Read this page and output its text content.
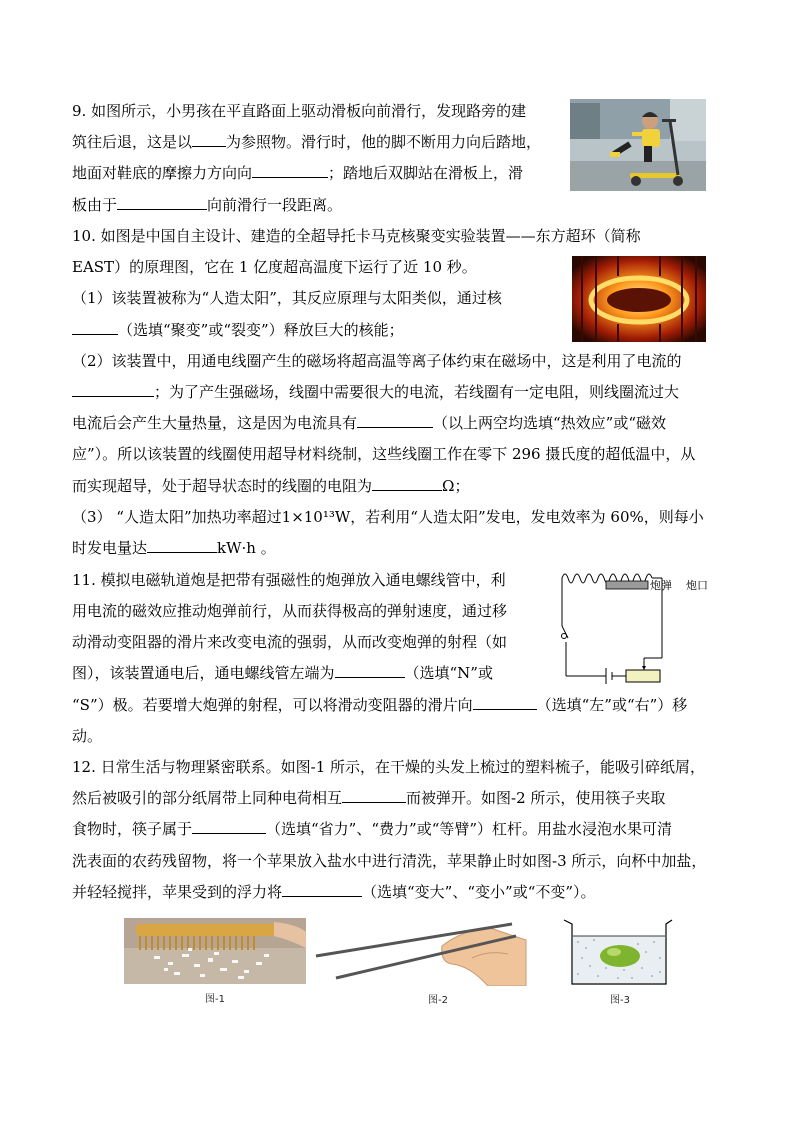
9. 如图所示，小男孩在平直路面上驱动滑板向前滑行，发现路旁的建
筑往后退，这是以 为参照物。滑行时，他的脚不断用力向后踏地，
地面对鞋底的摩擦力方向向	；踏地后双脚站在滑板上，滑
板由于	向前滑行一段距离。
10. 如图是中国自主设计、建造的全超导托卡马克核聚变实验装置——东方超环（简称
EAST）的原理图，它在 1 亿度超高温度下运行了近 10 秒。
（1）该装置被称为“人造太阳”，其反应原理与太阳类似，通过核
（选填“聚变”或“裂变”）释放巨大的核能；
（2）该装置中，用通电线圈产生的磁场将超高温等离子体约束在磁场中，这是利用了电流的
；为了产生强磁场，线圈中需要很大的电流，若线圈有一定电阻，则线圈流过大
电流后会产生大量热量，这是因为电流具有	（以上两空均选填“热效应”或“磁效
应”）。所以该装置的线圈使用超导材料绕制，这些线圈工作在零下 296 摄氏度的超低温中，从
而实现超导，处于超导状态时的线圈的电阻为	Ω；
（3） “人造太阳”加热功率超过1×10¹³W，若利用“人造太阳”发电，发电效率为 60%，则每小
时发电量达	kW·h 。
11. 模拟电磁轨道炮是把带有强磁性的炮弹放入通电螺线管中，利
用电流的磁效应推动炮弹前行，从而获得极高的弹射速度，通过移
动滑动变阻器的滑片来改变电流的强弱，从而改变炮弹的射程（如
图），该装置通电后，通电螺线管左端为	（选填“N”或
“S”）极。若要增大炮弹的射程，可以将滑动变阻器的滑片向	（选填“左”或“右”）移
动。
炮弹 炮口
12. 日常生活与物理紧密联系。如图-1 所示，在干燥的头发上梳过的塑料梳子，能吸引碎纸屑，
然后被吸引的部分纸屑带上同种电荷相互	而被弹开。如图-2 所示，使用筷子夹取
食物时，筷子属于	（选填“省力”、“费力”或“等臂”）杠杆。用盐水浸泡水果可清
洗表面的农药残留物，将一个苹果放入盐水中进行清洗，苹果静止时如图-3 所示，向杯中加盐，
并轻轻搅拌，苹果受到的浮力将	（选填“变大”、“变小”或“不变”）。
图-1	图-2	图-3
